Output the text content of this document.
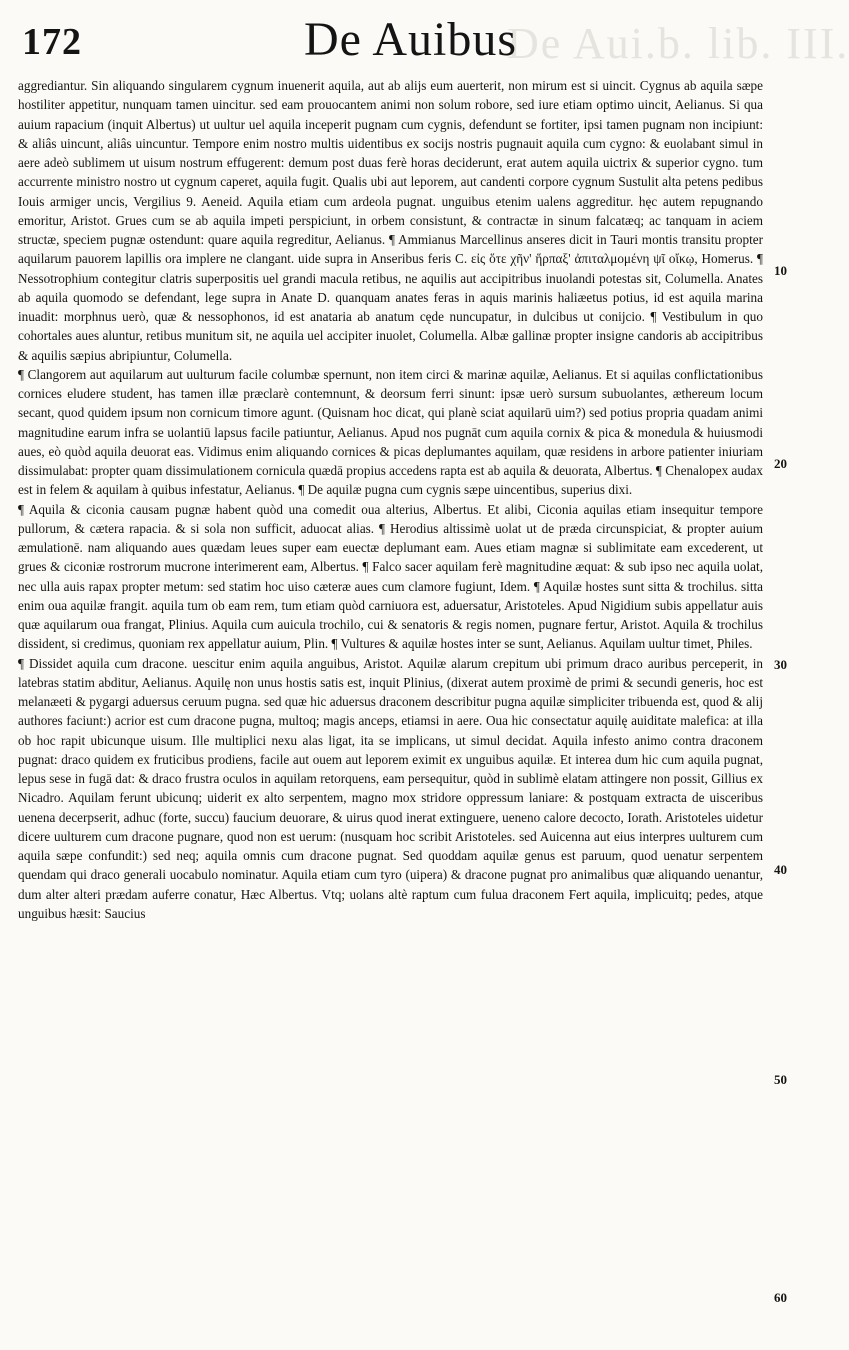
De Aui.b. lib. III.
172	De Auibus

aggrediantur. Sin aliquando singularem cygnum inuenerit aquila, aut ab alijs eum auerterit, non mirum est si uincit. Cygnus ab aquila sæpe hostiliter appetitur, nunquam tamen uincitur. sed eam prouocantem animi non solum robore, sed iure etiam optimo uincit, Aelianus. Si qua auium rapacium (inquit Albertus) ut uultur uel aquila inceperit pugnam cum cygnis, defendunt se fortiter, ipsi tamen pugnam non incipiunt: & aliâs uincunt, aliâs uincuntur. Tempore enim nostro multis uidentibus ex socijs nostris pugnauit aquila cum cygno: & euolabant simul in aere adeò sublimem ut uisum nostrum effugerent: demum post duas ferè horas deciderunt, erat autem aquila uictrix & superior cygno. tum accurrente ministro nostro ut cygnum caperet, aquila fugit. Qualis ubi aut leporem, aut candenti corpore cygnum Sustulit alta petens pedibus Iouis armiger uncis, Vergilius 9. Aeneid. Aquila etiam cum ardeola pugnat. unguibus etenim ualens aggreditur. hęc autem repugnando emoritur, Aristot. Grues cum se ab aquila impeti perspiciunt, in orbem consistunt, & contractæ in sinum falcatæq; ac tanquam in aciem structæ, speciem pugnæ ostendunt: quare aquila regreditur, Aelianus. ¶ Ammianus Marcellinus anseres dicit in Tauri montis transitu propter aquilarum pauorem lapillis ora implere ne clangant. uide supra in Anseribus feris C. εἰς ὅτε χῆν' ἥρπαξ' ἀπιταλμομένη ψῖ οἴκῳ, Homerus. ¶ Nessotrophium contegitur clatris superpositis uel grandi macula retibus, ne aquilis aut accipitribus inuolandi potestas sit, Columella. Anates ab aquila quomodo se defendant, lege supra in Anate D. quanquam anates feras in aquis marinis haliæetus potius, id est aquila marina inuadit: morphnus uerò, quæ & nessophonos, id est anataria ab anatum cęde nuncupatur, in dulcibus ut conijcio. ¶ Vestibulum in quo cohortales aues aluntur, retibus munitum sit, ne aquila uel accipiter inuolet, Columella. Albæ gallinæ propter insigne candoris ab accipitribus & aquilis sæpius abripiuntur, Columella.

¶ Clangorem aut aquilarum aut uulturum facile columbæ spernunt, non item circi & marinæ aquilæ, Aelianus. Et si aquilas conflictationibus cornices eludere student, has tamen illæ præclarè contemnunt, & deorsum ferri sinunt: ipsæ uerò sursum subuolantes, æthereum locum secant, quod quidem ipsum non cornicum timore agunt. (Quisnam hoc dicat, qui planè sciat aquilarū uim?) sed potius propria quadam animi magnitudine earum infra se uolantiū lapsus facile patiuntur, Aelianus. Apud nos pugnāt cum aquila cornix & pica & monedula & huiusmodi aues, eò quòd aquila deuorat eas. Vidimus enim aliquando cornices & picas deplumantes aquilam, quæ residens in arbore patienter iniuriam dissimulabat: propter quam dissimulationem cornicula quædā propius accedens rapta est ab aquila & deuorata, Albertus. ¶ Chenalopex audax est in felem & aquilam à quibus infestatur, Aelianus. ¶ De aquilæ pugna cum cygnis sæpe uincentibus, superius dixi.

¶ Aquila & ciconia causam pugnæ habent quòd una comedit oua alterius, Albertus. Et alibi, Ciconia aquilas etiam insequitur tempore pullorum, & cætera rapacia. & si sola non sufficit, aduocat alias. ¶ Herodius altissimè uolat ut de præda circunspiciat, & propter auium æmulationē. nam aliquando aues quædam leues super eam euectæ deplumant eam. Aues etiam magnæ si sublimitate eam excederent, ut grues & ciconiæ rostrorum mucrone interimerent eam, Albertus. ¶ Falco sacer aquilam ferè magnitudine æquat: & sub ipso nec aquila uolat, nec ulla auis rapax propter metum: sed statim hoc uiso cæteræ aues cum clamore fugiunt, Idem. ¶ Aquilæ hostes sunt sitta & trochilus. sitta enim oua aquilæ frangit. aquila tum ob eam rem, tum etiam quòd carniuora est, aduersatur, Aristoteles. Apud Nigidium subis appellatur auis quæ aquilarum oua frangat, Plinius. Aquila cum auicula trochilo, cui & senatoris & regis nomen, pugnare fertur, Aristot. Aquila & trochilus dissident, si credimus, quoniam rex appellatur auium, Plin. ¶ Vultures & aquilæ hostes inter se sunt, Aelianus. Aquilam uultur timet, Philes.

¶ Dissidet aquila cum dracone. uescitur enim aquila anguibus, Aristot. Aquilæ alarum crepitum ubi primum draco auribus perceperit, in latebras statim abditur, Aelianus. Aquilę non unus hostis satis est, inquit Plinius, (dixerat autem proximè de primi & secundi generis, hoc est melanæeti & pygargi aduersus ceruum pugna. sed quæ hic aduersus draconem describitur pugna aquilæ simpliciter tribuenda est, quod & alij authores faciunt:) acrior est cum dracone pugna, multoq; magis anceps, etiamsi in aere. Oua hic consectatur aquilę auiditate malefica: at illa ob hoc rapit ubicunque uisum. Ille multiplici nexu alas ligat, ita se implicans, ut simul decidat. Aquila infesto animo contra draconem pugnat: draco quidem ex fruticibus prodiens, facile aut ouem aut leporem eximit ex unguibus aquilæ. Et interea dum hic cum aquila pugnat, lepus sese in fugā dat: & draco frustra oculos in aquilam retorquens, eam persequitur, quòd in sublimè elatam attingere non possit, Gillius ex Nicadro. Aquilam ferunt ubicunq; uiderit ex alto serpentem, magno mox stridore oppressum laniare: & postquam extracta de uisceribus uenena decerpserit, adhuc (forte, succu) faucium deuorare, & uirus quod inerat extinguere, ueneno calore decocto, Iorath. Aristoteles uidetur dicere uulturem cum dracone pugnare, quod non est uerum: (nusquam hoc scribit Aristoteles. sed Auicenna aut eius interpres uulturem cum aquila sæpe confundit:) sed neq; aquila omnis cum dracone pugnat. Sed quoddam aquilæ genus est paruum, quod uenatur serpentem quendam qui draco generali uocabulo nominatur. Aquila etiam cum tyro (uipera) & dracone pugnat pro animalibus quæ aliquando uenantur, dum alter alteri prædam auferre conatur, Hæc Albertus. Vtq; uolans altè raptum cum fulua draconem Fert aquila, implicuitq; pedes, atque unguibus hæsit: Saucius

10
20
30
40
50
60
